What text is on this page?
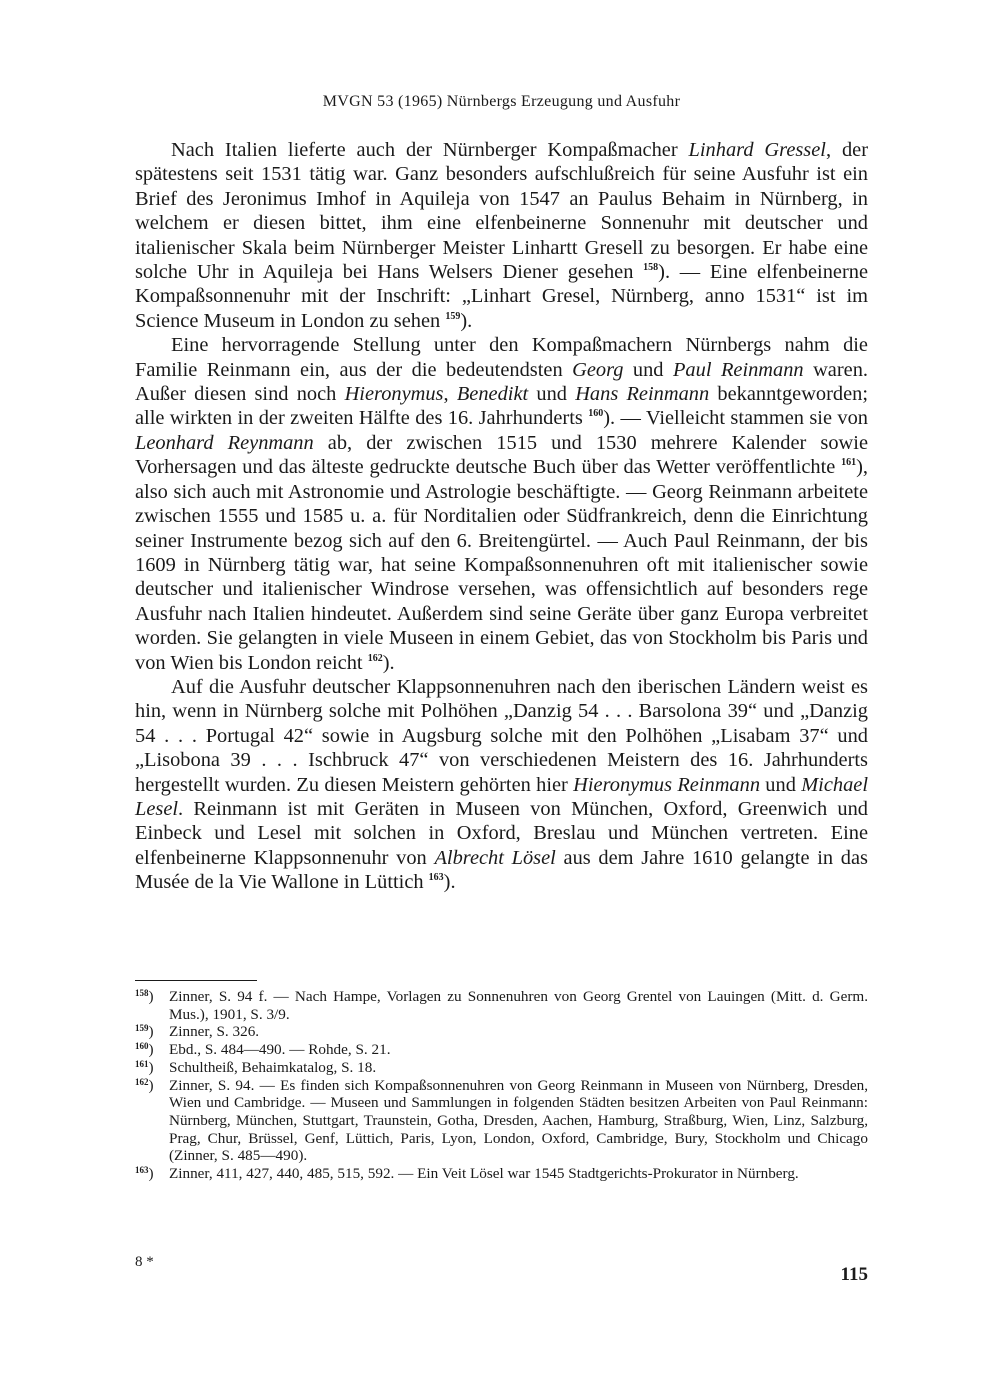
MVGN 53 (1965) Nürnbergs Erzeugung und Ausfuhr

Nach Italien lieferte auch der Nürnberger Kompaßmacher Linhard Gressel, der spätestens seit 1531 tätig war. Ganz besonders aufschlußreich für seine Ausfuhr ist ein Brief des Jeronimus Imhof in Aquileja von 1547 an Paulus Behaim in Nürnberg, in welchem er diesen bittet, ihm eine elfenbeinerne Sonnenuhr mit deutscher und italienischer Skala beim Nürnberger Meister Linhartt Gresell zu besorgen. Er habe eine solche Uhr in Aquileja bei Hans Welsers Diener gesehen $^{158}$). — Eine elfenbeinerne Kompaßsonnenuhr mit der Inschrift: „Linhart Gresel, Nürnberg, anno 1531“ ist im Science Museum in London zu sehen $^{159}$).

Eine hervorragende Stellung unter den Kompaßmachern Nürnbergs nahm die Familie Reinmann ein, aus der die bedeutendsten Georg und Paul Reinmann waren. Außer diesen sind noch Hieronymus, Benedikt und Hans Reinmann bekanntgeworden; alle wirkten in der zweiten Hälfte des 16. Jahrhunderts $^{160}$). — Vielleicht stammen sie von Leonhard Reynmann ab, der zwischen 1515 und 1530 mehrere Kalender sowie Vorhersagen und das älteste gedruckte deutsche Buch über das Wetter veröffentlichte $^{161}$), also sich auch mit Astronomie und Astrologie beschäftigte. — Georg Reinmann arbeitete zwischen 1555 und 1585 u. a. für Norditalien oder Südfrankreich, denn die Einrichtung seiner Instrumente bezog sich auf den 6. Breitengürtel. — Auch Paul Reinmann, der bis 1609 in Nürnberg tätig war, hat seine Kompaßsonnenuhren oft mit italienischer sowie deutscher und italienischer Windrose versehen, was offensichtlich auf besonders rege Ausfuhr nach Italien hindeutet. Außerdem sind seine Geräte über ganz Europa verbreitet worden. Sie gelangten in viele Museen in einem Gebiet, das von Stockholm bis Paris und von Wien bis London reicht $^{162}$).

Auf die Ausfuhr deutscher Klappsonnenuhren nach den iberischen Ländern weist es hin, wenn in Nürnberg solche mit Polhöhen „Danzig 54 . . . Barsolona 39“ und „Danzig 54 . . . Portugal 42“ sowie in Augsburg solche mit den Polhöhen „Lisabam 37“ und „Lisobona 39 . . . Ischbruck 47“ von verschiedenen Meistern des 16. Jahrhunderts hergestellt wurden. Zu diesen Meistern gehörten hier Hieronymus Reinmann und Michael Lesel. Reinmann ist mit Geräten in Museen von München, Oxford, Greenwich und Einbeck und Lesel mit solchen in Oxford, Breslau und München vertreten. Eine elfenbeinerne Klappsonnenuhr von Albrecht Lösel aus dem Jahre 1610 gelangte in das Musée de la Vie Wallone in Lüttich $^{163}$).

$^{158}$)	Zinner, S. 94 f. — Nach Hampe, Vorlagen zu Sonnenuhren von Georg Grentel von Lauingen (Mitt. d. Germ. Mus.), 1901, S. 3/9.
$^{159}$)	Zinner, S. 326.
$^{160}$)	Ebd., S. 484—490. — Rohde, S. 21.
$^{161}$)	Schultheiß, Behaimkatalog, S. 18.
$^{162}$)	Zinner, S. 94. — Es finden sich Kompaßsonnenuhren von Georg Reinmann in Museen von Nürnberg, Dresden, Wien und Cambridge. — Museen und Sammlungen in folgenden Städten besitzen Arbeiten von Paul Reinmann: Nürnberg, München, Stuttgart, Traunstein, Gotha, Dresden, Aachen, Hamburg, Straßburg, Wien, Linz, Salzburg, Prag, Chur, Brüssel, Genf, Lüttich, Paris, Lyon, London, Oxford, Cambridge, Bury, Stockholm und Chicago (Zinner, S. 485—490).
$^{163}$)	Zinner, 411, 427, 440, 485, 515, 592. — Ein Veit Lösel war 1545 Stadtgerichts-Prokurator in Nürnberg.
8 *
115
